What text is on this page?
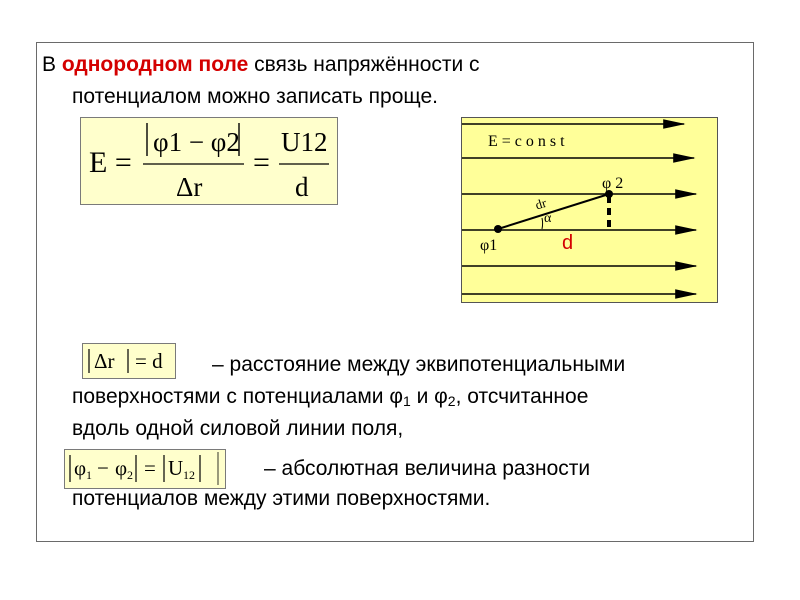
В однородном поле связь напряжённости с
потенциалом можно записать проще.
E =
φ1 − φ2
Δr
=
U12
d
E = c o n s t
φ 2
φ1
dr
α
d
Δr = d – расстояние между эквипотенциальными
поверхностями с потенциалами $\varphi_1$ и $\varphi_2$, отсчитанное
вдоль одной силовой линии поля,
φ 1 − φ 2 = U 12	– абсолютная величина разности
потенциалов между этими поверхностями.
